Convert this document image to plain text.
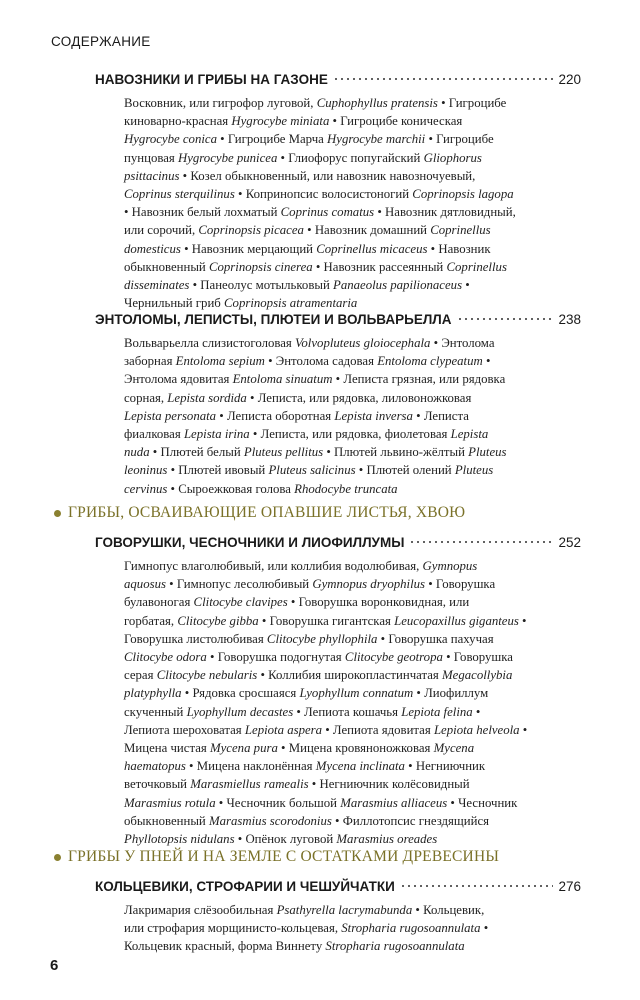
СОДЕРЖАНИЕ
НАВОЗНИКИ И ГРИБЫ НА ГАЗОНЕ	220
Восковник, или гигрофор луговой, Cuphophyllus pratensis • Гигроцибе
киноварно-красная Hygrocybe miniata • Гигроцибе коническая
Hygrocybe conica • Гигроцибе Марча Hygrocybe marchii • Гигроцибе
пунцовая Hygrocybe punicea • Глиофорус попугайский Gliophorus
psittacinus • Козел обыкновенный, или навозник навозночуевый,
Coprinus sterquilinus • Копринопсис волосистоногий Coprinopsis lagopa
• Навозник белый лохматый Coprinus comatus • Навозник дятловидный,
или сорочий, Coprinopsis picacea • Навозник домашний Coprinellus
domesticus • Навозник мерцающий Coprinellus micaceus • Навозник
обыкновенный Coprinopsis cinerea • Навозник рассеянный Coprinellus
disseminates • Панеолус мотыльковый Panaeolus papilionaceus •
Чернильный гриб Coprinopsis atramentaria
ЭНТОЛОМЫ, ЛЕПИСТЫ, ПЛЮТЕИ И ВОЛЬВАРЬЕЛЛА	238
Вольварьелла слизистоголовая Volvopluteus gloiocephala • Энтолома
заборная Entoloma sepium • Энтолома садовая Entoloma clypeatum •
Энтолома ядовитая Entoloma sinuatum • Леписта грязная, или рядовка
сорная, Lepista sordida • Леписта, или рядовка, лиловоножковая
Lepista personata • Леписта оборотная Lepista inversa • Леписта
фиалковая Lepista irina • Леписта, или рядовка, фиолетовая Lepista
nuda • Плютей белый Pluteus pellitus • Плютей львино-жёлтый Pluteus
leoninus • Плютей ивовый Pluteus salicinus • Плютей олений Pluteus
cervinus • Сыроежковая голова Rhodocybe truncata
ГРИБЫ, ОСВАИВАЮЩИЕ ОПАВШИЕ ЛИСТЬЯ, ХВОЮ
ГОВОРУШКИ, ЧЕСНОЧНИКИ И ЛИОФИЛЛУМЫ	252
Гимнопус влаголюбивый, или коллибия водолюбивая, Gymnopus
aquosus • Гимнопус лесолюбивый Gymnopus dryophilus • Говорушка
булавоногая Clitocybe clavipes • Говорушка воронковидная, или
горбатая, Clitocybe gibba • Говорушка гигантская Leucopaxillus giganteus •
Говорушка листолюбивая Clitocybe phyllophila • Говорушка пахучая
Clitocybe odora • Говорушка подогнутая Clitocybe geotropa • Говорушка
серая Clitocybe nebularis • Коллибия широкопластинчатая Megacollybia
platyphylla • Рядовка сросшаяся Lyophyllum connatum • Лиофиллум
скученный Lyophyllum decastes • Лепиота кошачья Lepiota felina •
Лепиота шероховатая Lepiota aspera • Лепиота ядовитая Lepiota helveola •
Мицена чистая Mycena pura • Мицена кровяноножковая Mycena
haematopus • Мицена наклонённая Mycena inclinata • Негниючник
веточковый Marasmiellus ramealis • Негниючник колёсовидный
Marasmius rotula • Чесночник большой Marasmius alliaceus • Чесночник
обыкновенный Marasmius scorodonius • Филлотопсис гнездящийся
Phyllotopsis nidulans • Опёнок луговой Marasmius oreades
ГРИБЫ У ПНЕЙ И НА ЗЕМЛЕ С ОСТАТКАМИ ДРЕВЕСИНЫ
КОЛЬЦЕВИКИ, СТРОФАРИИ И ЧЕШУЙЧАТКИ	276
Лакримария слёзообильная Psathyrella lacrymabunda • Кольцевик,
или строфария морщинисто-кольцевая, Stropharia rugosoannulata •
Кольцевик красный, форма Виннету Stropharia rugosoannulata
6
